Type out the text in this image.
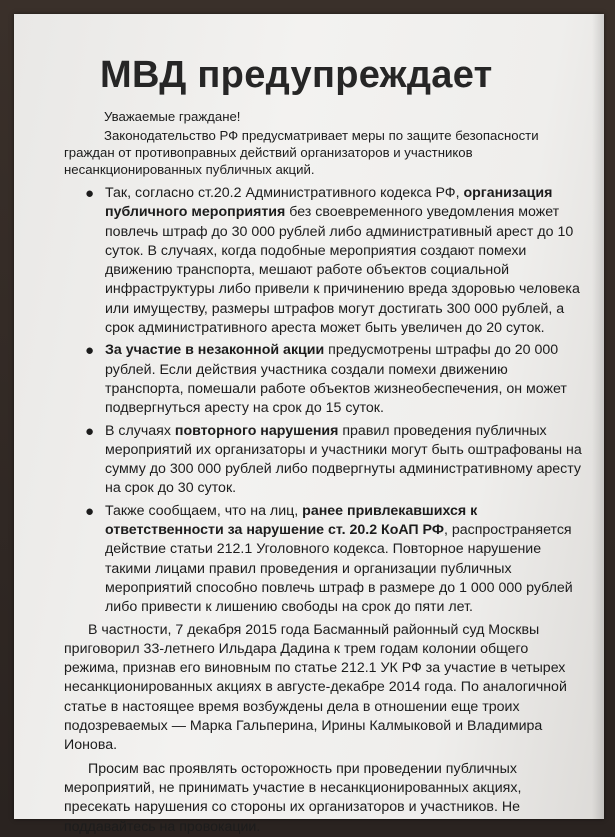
МВД предупреждает

Уважаемые граждане!

Законодательство РФ предусматривает меры по защите безопасности граждан от противоправных действий организаторов и участников несанкционированных публичных акций.

● Так, согласно ст.20.2 Административного кодекса РФ, организация публичного мероприятия без своевременного уведомления может повлечь штраф до 30 000 рублей либо административный арест до 10 суток. В случаях, когда подобные мероприятия создают помехи движению транспорта, мешают работе объектов социальной инфраструктуры либо привели к причинению вреда здоровью человека или имуществу, размеры штрафов могут достигать 300 000 рублей, а срок административного ареста может быть увеличен до 20 суток.
● За участие в незаконной акции предусмотрены штрафы до 20 000 рублей. Если действия участника создали помехи движению транспорта, помешали работе объектов жизнеобеспечения, он может подвергнуться аресту на срок до 15 суток.
● В случаях повторного нарушения правил проведения публичных мероприятий их организаторы и участники могут быть оштрафованы на сумму до 300 000 рублей либо подвергнуты административному аресту на срок до 30 суток.
● Также сообщаем, что на лиц, ранее привлекавшихся к ответственности за нарушение ст. 20.2 КоАП РФ, распространяется действие статьи 212.1 Уголовного кодекса. Повторное нарушение такими лицами правил проведения и организации публичных мероприятий способно повлечь штраф в размере до 1 000 000 рублей либо привести к лишению свободы на срок до пяти лет.

В частности, 7 декабря 2015 года Басманный районный суд Москвы приговорил 33-летнего Ильдара Дадина к трем годам колонии общего режима, признав его виновным по статье 212.1 УК РФ за участие в четырех несанкционированных акциях в августе-декабре 2014 года. По аналогичной статье в настоящее время возбуждены дела в отношении еще троих подозреваемых — Марка Гальперина, Ирины Калмыковой и Владимира Ионова.

Просим вас проявлять осторожность при проведении публичных мероприятий, не принимать участие в несанкционированных акциях, пресекать нарушения со стороны их организаторов и участников. Не поддавайтесь на провокации.
